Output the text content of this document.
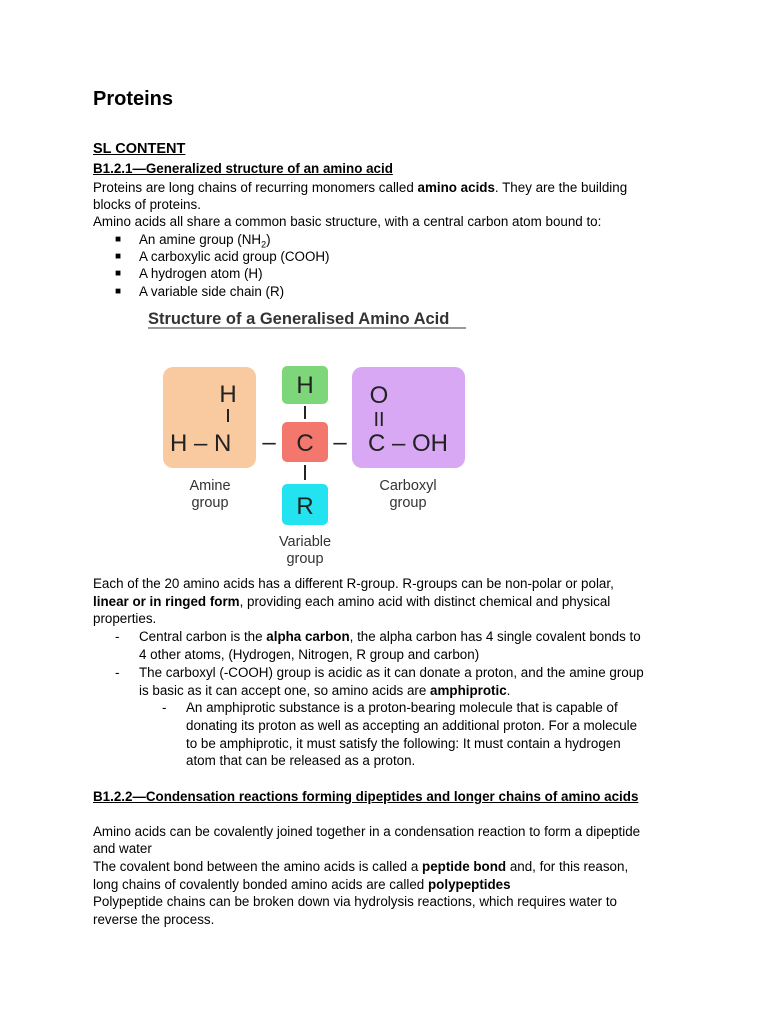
Proteins
SL CONTENT
B1.2.1—Generalized structure of an amino acid
Proteins are long chains of recurring monomers called amino acids. They are the building
blocks of proteins.
Amino acids all share a common basic structure, with a central carbon atom bound to:
■ An amine group $(NH_2)$
■ A carboxylic acid group (COOH)
■ A hydrogen atom (H)
■ A variable side chain (R)
Each of the 20 amino acids has a different R-group. R-groups can be non-polar or polar,
linear or in ringed form, providing each amino acid with distinct chemical and physical
properties.
- Central carbon is the alpha carbon, the alpha carbon has 4 single covalent bonds to
4 other atoms, (Hydrogen, Nitrogen, R group and carbon)
- The carboxyl (-COOH) group is acidic as it can donate a proton, and the amine group
is basic as it can accept one, so amino acids are amphiprotic.
- An amphiprotic substance is a proton-bearing molecule that is capable of
donating its proton as well as accepting an additional proton. For a molecule
to be amphiprotic, it must satisfy the following: It must contain a hydrogen
atom that can be released as a proton.
B1.2.2—Condensation reactions forming dipeptides and longer chains of amino acids
Amino acids can be covalently joined together in a condensation reaction to form a dipeptide
and water
The covalent bond between the amino acids is called a peptide bond and, for this reason,
long chains of covalently bonded amino acids are called polypeptides
Polypeptide chains can be broken down via hydrolysis reactions, which requires water to
reverse the process.
Structure of a Generalised Amino Acid
H
H – N
H
– C –
R
O
II
C – OH
Amine
group
Carboxyl
group
Variable
group
